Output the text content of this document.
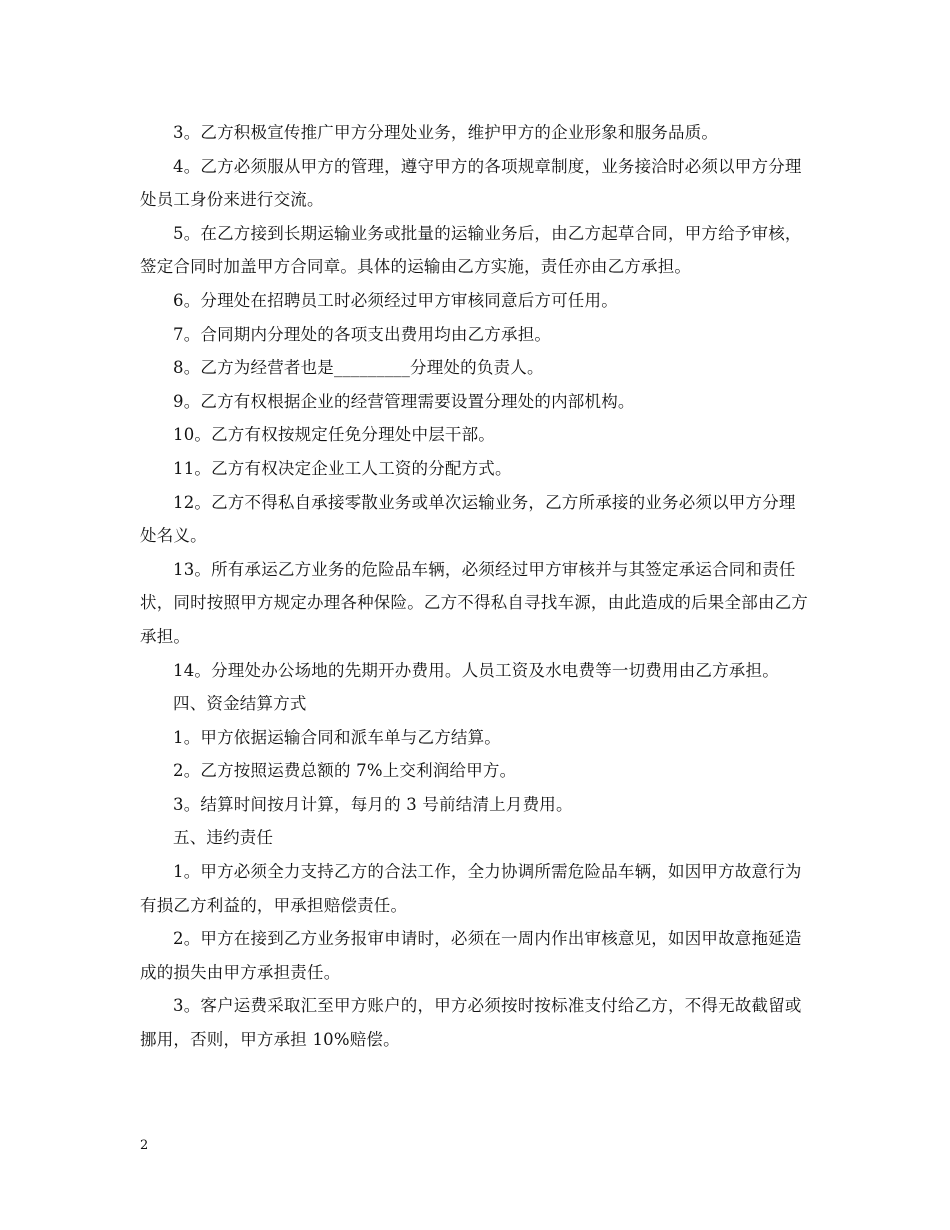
3。乙方积极宣传推广甲方分理处业务，维护甲方的企业形象和服务品质。

4。乙方必须服从甲方的管理，遵守甲方的各项规章制度，业务接洽时必须以甲方分理处员工身份来进行交流。

5。在乙方接到长期运输业务或批量的运输业务后，由乙方起草合同，甲方给予审核，签定合同时加盖甲方合同章。具体的运输由乙方实施，责任亦由乙方承担。

6。分理处在招聘员工时必须经过甲方审核同意后方可任用。

7。合同期内分理处的各项支出费用均由乙方承担。

8。乙方为经营者也是_________分理处的负责人。

9。乙方有权根据企业的经营管理需要设置分理处的内部机构。

10。乙方有权按规定任免分理处中层干部。

11。乙方有权决定企业工人工资的分配方式。

12。乙方不得私自承接零散业务或单次运输业务，乙方所承接的业务必须以甲方分理处名义。

13。所有承运乙方业务的危险品车辆，必须经过甲方审核并与其签定承运合同和责任状，同时按照甲方规定办理各种保险。乙方不得私自寻找车源，由此造成的后果全部由乙方承担。

14。分理处办公场地的先期开办费用。人员工资及水电费等一切费用由乙方承担。

四、资金结算方式

1。甲方依据运输合同和派车单与乙方结算。

2。乙方按照运费总额的 7%上交利润给甲方。

3。结算时间按月计算，每月的 3 号前结清上月费用。

五、违约责任

1。甲方必须全力支持乙方的合法工作，全力协调所需危险品车辆，如因甲方故意行为有损乙方利益的，甲承担赔偿责任。

2。甲方在接到乙方业务报审申请时，必须在一周内作出审核意见，如因甲故意拖延造成的损失由甲方承担责任。

3。客户运费采取汇至甲方账户的，甲方必须按时按标准支付给乙方，不得无故截留或挪用，否则，甲方承担 10%赔偿。

2
